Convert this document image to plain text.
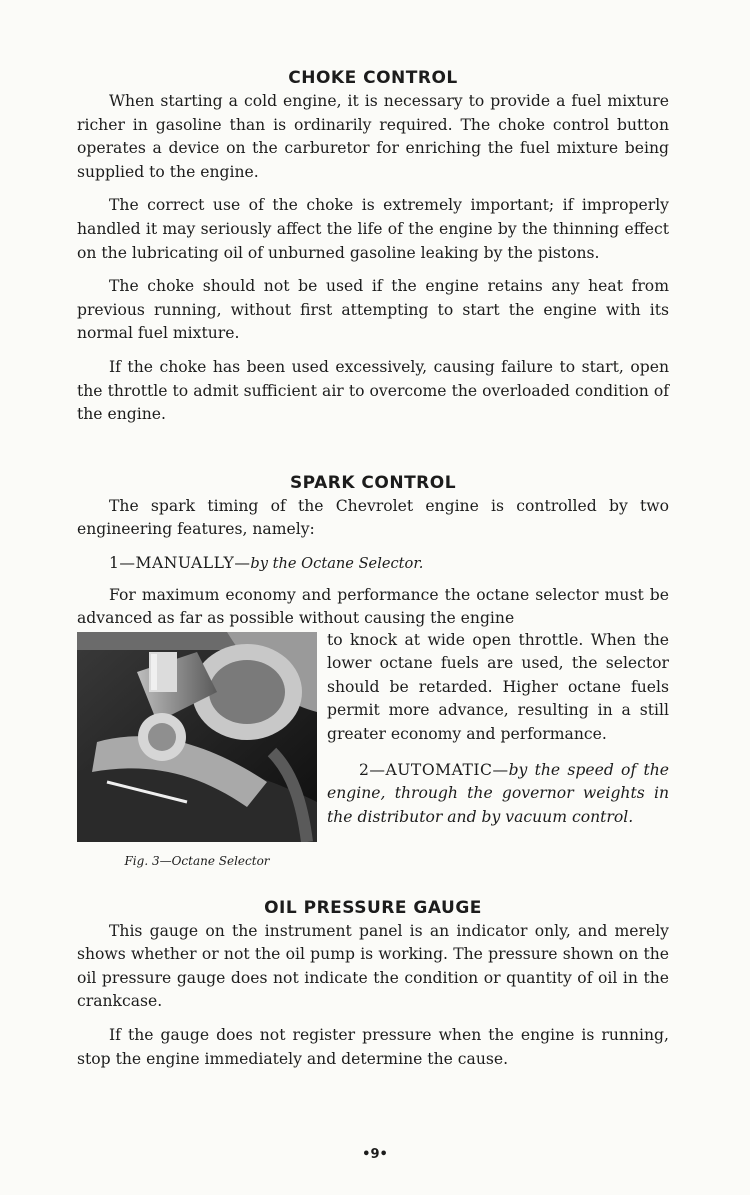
CHOKE CONTROL

When starting a cold engine, it is necessary to provide a fuel mixture richer in gasoline than is ordinarily required. The choke control button operates a device on the carburetor for enriching the fuel mixture being supplied to the engine.

The correct use of the choke is extremely important; if improperly handled it may seriously affect the life of the engine by the thinning effect on the lubricating oil of unburned gasoline leaking by the pistons.

The choke should not be used if the engine retains any heat from previous running, without first attempting to start the engine with its normal fuel mixture.

If the choke has been used excessively, causing failure to start, open the throttle to admit sufficient air to overcome the overloaded condition of the engine.

SPARK CONTROL

The spark timing of the Chevrolet engine is controlled by two engineering features, namely:

1—MANUALLY—by the Octane Selector.

For maximum economy and performance the octane selector must be advanced as far as possible without causing the engine

Fig. 3—Octane Selector

to knock at wide open throttle. When the lower octane fuels are used, the selector should be retarded. Higher octane fuels permit more advance, resulting in a still greater economy and performance.

2—AUTOMATIC—by the speed of the engine, through the governor weights in the distributor and by vacuum control.

OIL PRESSURE GAUGE

This gauge on the instrument panel is an indicator only, and merely shows whether or not the oil pump is working. The pressure shown on the oil pressure gauge does not indicate the condition or quantity of oil in the crankcase.

If the gauge does not register pressure when the engine is running, stop the engine immediately and determine the cause.

•9•
